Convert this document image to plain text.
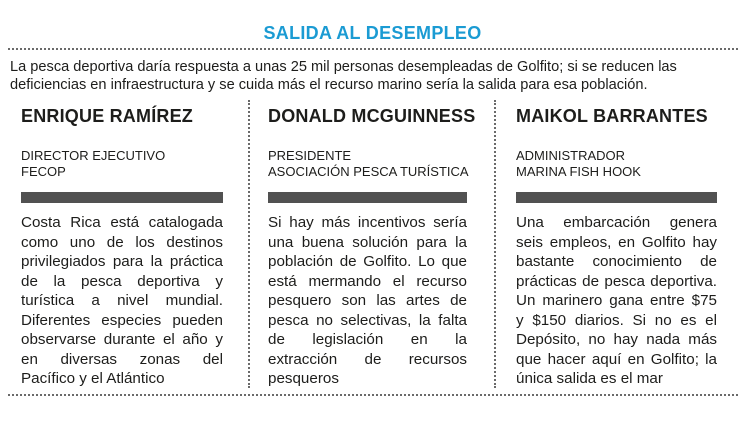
SALIDA AL DESEMPLEO
La pesca deportiva daría respuesta a unas 25 mil personas desempleadas de Golfito; si se reducen las deficiencias en infraestructura y se cuida más el recurso marino sería la salida para esa población.
ENRIQUE RAMÍREZ
DIRECTOR EJECUTIVO
FECOP
Costa Rica está catalogada como uno de los destinos privilegiados para la práctica de la pesca deportiva y turística a nivel mundial. Diferentes especies pueden observarse durante el año y en diversas zonas del Pacífico y el Atlántico
DONALD MCGUINNESS
PRESIDENTE
ASOCIACIÓN PESCA TURÍSTICA
Si hay más incentivos sería una buena solución para la población de Golfito. Lo que está mermando el recurso pesquero son las artes de pesca no selectivas, la falta de legislación en la extracción de recursos pesqueros
MAIKOL BARRANTES
ADMINISTRADOR
MARINA FISH HOOK
Una embarcación genera seis empleos, en Golfito hay bastante conocimiento de prácticas de pesca deportiva. Un marinero gana entre $75 y $150 diarios. Si no es el Depósito, no hay nada más que hacer aquí en Golfito; la única salida es el mar
